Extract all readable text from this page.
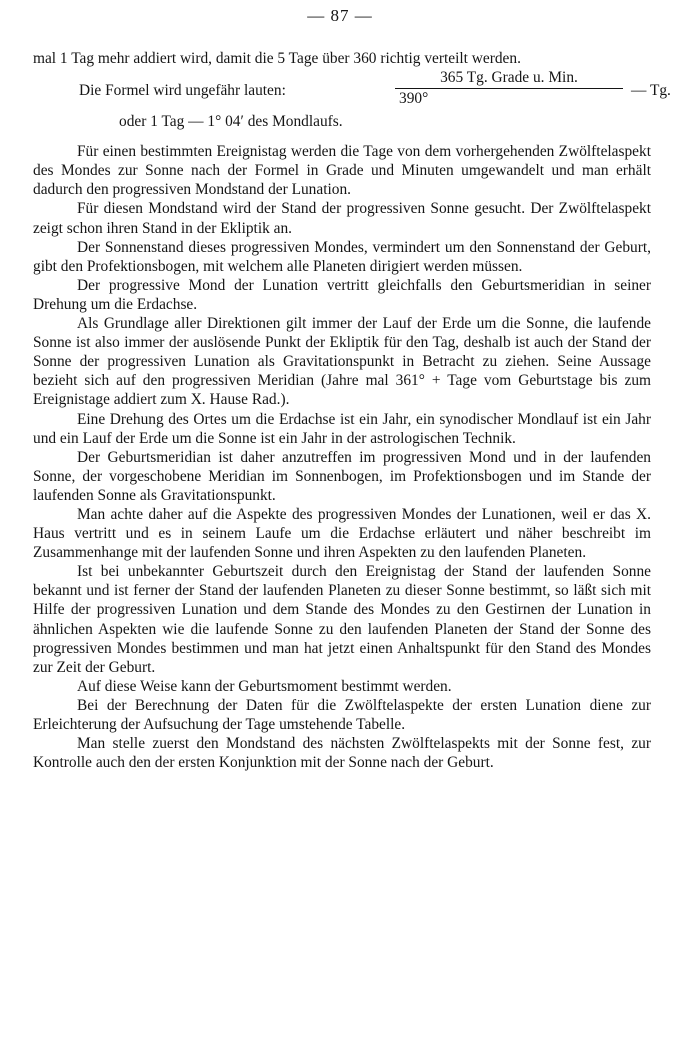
— 87 —

mal 1 Tag mehr addiert wird, damit die 5 Tage über 360 richtig verteilt werden.

Die Formel wird ungefähr lauten:
365 Tg. Grade u. Min.
390°	— Tg.
oder 1 Tag — 1° 04′ des Mondlaufs.

Für einen bestimmten Ereignistag werden die Tage von dem vorhergehenden Zwölftelaspekt des Mondes zur Sonne nach der Formel in Grade und Minuten umgewandelt und man erhält dadurch den progressiven Mondstand der Lunation.

Für diesen Mondstand wird der Stand der progressiven Sonne gesucht. Der Zwölftelaspekt zeigt schon ihren Stand in der Ekliptik an.

Der Sonnenstand dieses progressiven Mondes, vermindert um den Sonnenstand der Geburt, gibt den Profektionsbogen, mit welchem alle Planeten dirigiert werden müssen.

Der progressive Mond der Lunation vertritt gleichfalls den Geburtsmeridian in seiner Drehung um die Erdachse.

Als Grundlage aller Direktionen gilt immer der Lauf der Erde um die Sonne, die laufende Sonne ist also immer der auslösende Punkt der Ekliptik für den Tag, deshalb ist auch der Stand der Sonne der progressiven Lunation als Gravitationspunkt in Betracht zu ziehen. Seine Aussage bezieht sich auf den progressiven Meridian (Jahre mal 361° + Tage vom Geburtstage bis zum Ereignistage addiert zum X. Hause Rad.).

Eine Drehung des Ortes um die Erdachse ist ein Jahr, ein synodischer Mondlauf ist ein Jahr und ein Lauf der Erde um die Sonne ist ein Jahr in der astrologischen Technik.

Der Geburtsmeridian ist daher anzutreffen im progressiven Mond und in der laufenden Sonne, der vorgeschobene Meridian im Sonnenbogen, im Profektionsbogen und im Stande der laufenden Sonne als Gravitationspunkt.

Man achte daher auf die Aspekte des progressiven Mondes der Lunationen, weil er das X. Haus vertritt und es in seinem Laufe um die Erdachse erläutert und näher beschreibt im Zusammenhange mit der laufenden Sonne und ihren Aspekten zu den laufenden Planeten.

Ist bei unbekannter Geburtszeit durch den Ereignistag der Stand der laufenden Sonne bekannt und ist ferner der Stand der laufenden Planeten zu dieser Sonne bestimmt, so läßt sich mit Hilfe der progressiven Lunation und dem Stande des Mondes zu den Gestirnen der Lunation in ähnlichen Aspekten wie die laufende Sonne zu den laufenden Planeten der Stand der Sonne des progressiven Mondes bestimmen und man hat jetzt einen Anhaltspunkt für den Stand des Mondes zur Zeit der Geburt.

Auf diese Weise kann der Geburtsmoment bestimmt werden.

Bei der Berechnung der Daten für die Zwölftelaspekte der ersten Lunation diene zur Erleichterung der Aufsuchung der Tage umstehende Tabelle.

Man stelle zuerst den Mondstand des nächsten Zwölftelaspekts mit der Sonne fest, zur Kontrolle auch den der ersten Konjunktion mit der Sonne nach der Geburt.
